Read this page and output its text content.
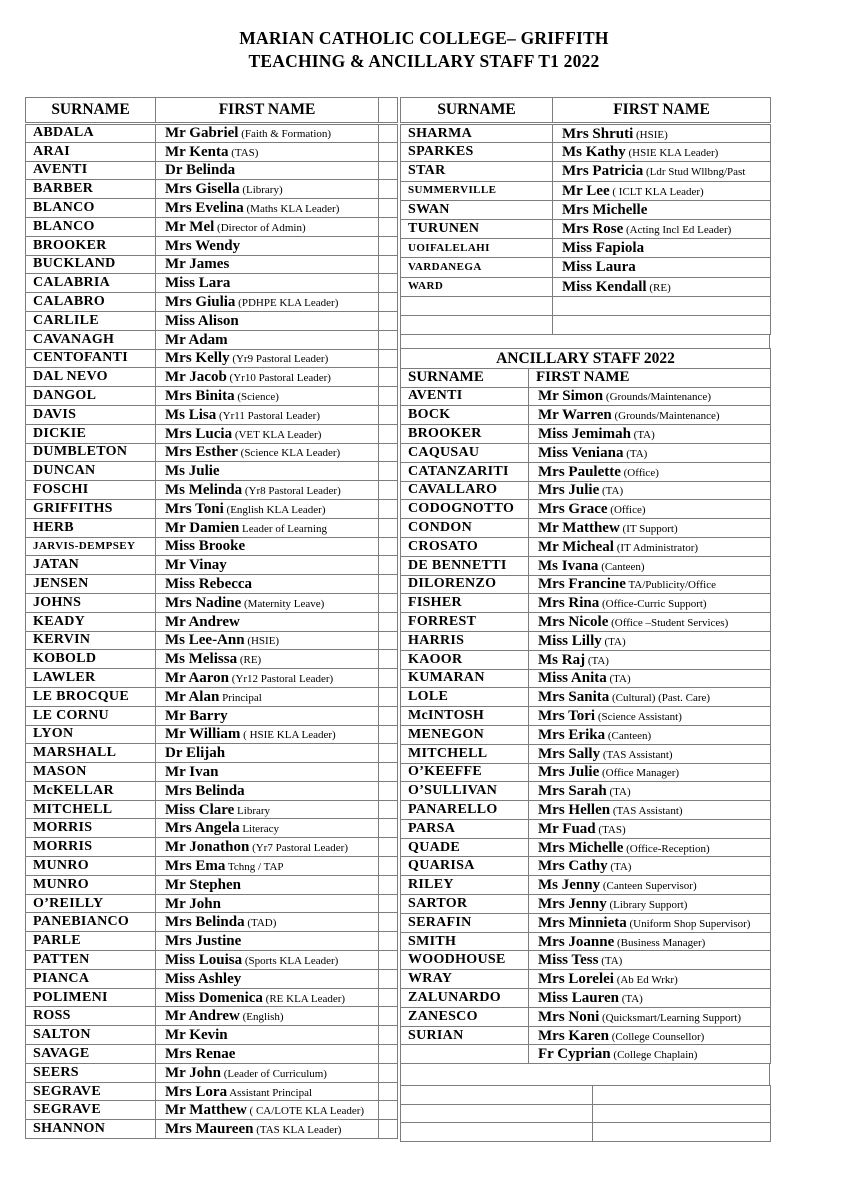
MARIAN CATHOLIC COLLEGE– GRIFFITH
TEACHING & ANCILLARY STAFF T1 2022
SURNAME	FIRST NAME	
ABDALA	Mr Gabriel (Faith & Formation)	
ARAI	Mr Kenta (TAS)	
AVENTI	Dr Belinda	
BARBER	Mrs Gisella (Library)	
BLANCO	Mrs Evelina (Maths KLA Leader)	
BLANCO	Mr Mel (Director of Admin)	
BROOKER	Mrs Wendy	
BUCKLAND	Mr James	
CALABRIA	Miss Lara	
CALABRO	Mrs Giulia (PDHPE KLA Leader)	
CARLILE	Miss Alison	
CAVANAGH	Mr Adam	
CENTOFANTI	Mrs Kelly (Yr9 Pastoral Leader)	
DAL NEVO	Mr Jacob (Yr10 Pastoral Leader)	
DANGOL	Mrs Binita (Science)	
DAVIS	Ms Lisa (Yr11 Pastoral Leader)	
DICKIE	Mrs Lucia (VET KLA Leader)	
DUMBLETON	Mrs Esther (Science KLA Leader)	
DUNCAN	Ms Julie	
FOSCHI	Ms Melinda (Yr8 Pastoral Leader)	
GRIFFITHS	Mrs Toni (English KLA Leader)	
HERB	Mr Damien Leader of Learning	
JARVIS-DEMPSEY	Miss Brooke	
JATAN	Mr Vinay	
JENSEN	Miss Rebecca	
JOHNS	Mrs Nadine (Maternity Leave)	
KEADY	Mr Andrew	
KERVIN	Ms Lee-Ann (HSIE)	
KOBOLD	Ms Melissa (RE)	
LAWLER	Mr Aaron (Yr12 Pastoral Leader)	
LE BROCQUE	Mr Alan Principal	
LE CORNU	Mr Barry	
LYON	Mr William ( HSIE KLA Leader)	
MARSHALL	Dr Elijah	
MASON	Mr Ivan	
McKELLAR	Mrs Belinda	
MITCHELL	Miss Clare Library	
MORRIS	Mrs Angela Literacy	
MORRIS	Mr Jonathon (Yr7 Pastoral Leader)	
MUNRO	Mrs Ema Tchng / TAP	
MUNRO	Mr Stephen	
O’REILLY	Mr John	
PANEBIANCO	Mrs Belinda (TAD)	
PARLE	Mrs Justine	
PATTEN	Miss Louisa (Sports KLA Leader)	
PIANCA	Miss Ashley	
POLIMENI	Miss Domenica (RE KLA Leader)	
ROSS	Mr Andrew (English)	
SALTON	Mr Kevin	
SAVAGE	Mrs Renae	
SEERS	Mr John (Leader of Curriculum)	
SEGRAVE	Mrs Lora Assistant Principal	
SEGRAVE	Mr Matthew ( CA/LOTE KLA Leader)	
SHANNON	Mrs Maureen (TAS KLA Leader)	
SURNAME	FIRST NAME
SHARMA	Mrs Shruti (HSIE)
SPARKES	Ms Kathy (HSIE KLA Leader)
STAR	Mrs Patricia (Ldr Stud Wllbng/Past
SUMMERVILLE	Mr Lee ( ICLT KLA Leader)
SWAN	Mrs Michelle
TURUNEN	Mrs Rose (Acting Incl Ed Leader)
UOIFALELAHI	Miss Fapiola
VARDANEGA	Miss Laura
WARD	Miss Kendall (RE)

ANCILLARY STAFF 2022	
SURNAME	FIRST NAME
AVENTI	Mr Simon (Grounds/Maintenance)
BOCK	Mr Warren (Grounds/Maintenance)
BROOKER	Miss Jemimah (TA)
CAQUSAU	Miss Veniana (TA)
CATANZARITI	Mrs Paulette (Office)
CAVALLARO	Mrs Julie (TA)
CODOGNOTTO	Mrs Grace (Office)
CONDON	Mr Matthew (IT Support)
CROSATO	Mr Micheal (IT Administrator)
DE BENNETTI	Ms Ivana (Canteen)
DILORENZO	Mrs Francine TA/Publicity/Office
FISHER	Mrs Rina (Office-Curric Support)
FORREST	Mrs Nicole (Office –Student Services)
HARRIS	Miss Lilly (TA)
KAOOR	Ms Raj (TA)
KUMARAN	Miss Anita (TA)
LOLE	Mrs Sanita (Cultural) (Past. Care)
McINTOSH	Mrs Tori (Science Assistant)
MENEGON	Mrs Erika (Canteen)
MITCHELL	Mrs Sally (TAS Assistant)
O’KEEFFE	Mrs Julie (Office Manager)
O’SULLIVAN	Mrs Sarah (TA)
PANARELLO	Mrs Hellen (TAS Assistant)
PARSA	Mr Fuad (TAS)
QUADE	Mrs Michelle (Office-Reception)
QUARISA	Mrs Cathy (TA)
RILEY	Ms Jenny (Canteen Supervisor)
SARTOR	Mrs Jenny (Library Support)
SERAFIN	Mrs Minnieta (Uniform Shop Supervisor)
SMITH	Mrs Joanne (Business Manager)
WOODHOUSE	Miss Tess (TA)
WRAY	Mrs Lorelei (Ab Ed Wrkr)
ZALUNARDO	Miss Lauren (TA)
ZANESCO	Mrs Noni (Quicksmart/Learning Support)
SURIAN	Mrs Karen (College Counsellor)
	Fr Cyprian (College Chaplain)
